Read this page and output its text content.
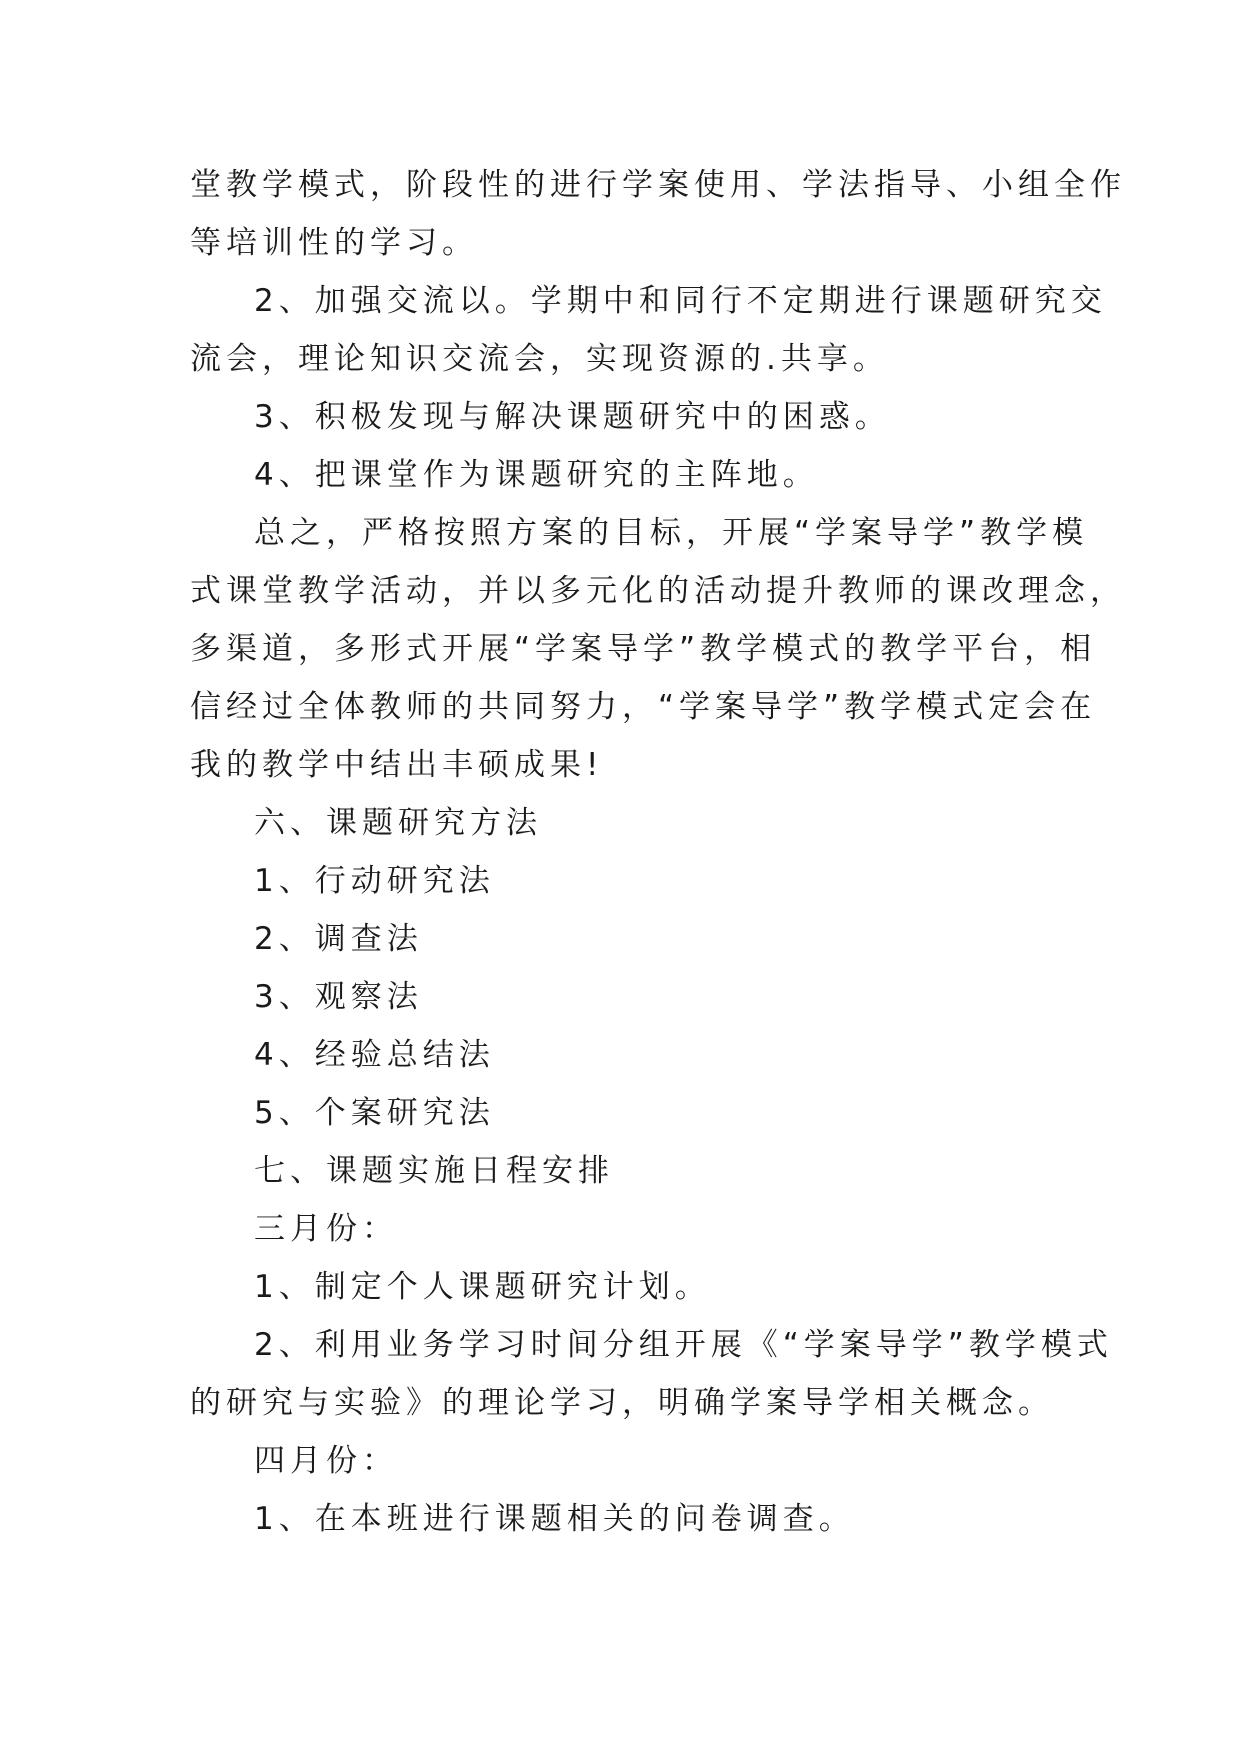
堂教学模式，阶段性的进行学案使用、学法指导、小组全作
等培训性的学习。
2、加强交流以。学期中和同行不定期进行课题研究交
流会，理论知识交流会，实现资源的.共享。
3、积极发现与解决课题研究中的困惑。
4、把课堂作为课题研究的主阵地。
总之，严格按照方案的目标，开展“学案导学”教学模
式课堂教学活动，并以多元化的活动提升教师的课改理念，
多渠道，多形式开展“学案导学”教学模式的教学平台，相
信经过全体教师的共同努力，“学案导学”教学模式定会在
我的教学中结出丰硕成果!
六、课题研究方法
1、行动研究法
2、调查法
3、观察法
4、经验总结法
5、个案研究法
七、课题实施日程安排
三月份：
1、制定个人课题研究计划。
2、利用业务学习时间分组开展《“学案导学”教学模式
的研究与实验》的理论学习，明确学案导学相关概念。
四月份：
1、在本班进行课题相关的问卷调查。
